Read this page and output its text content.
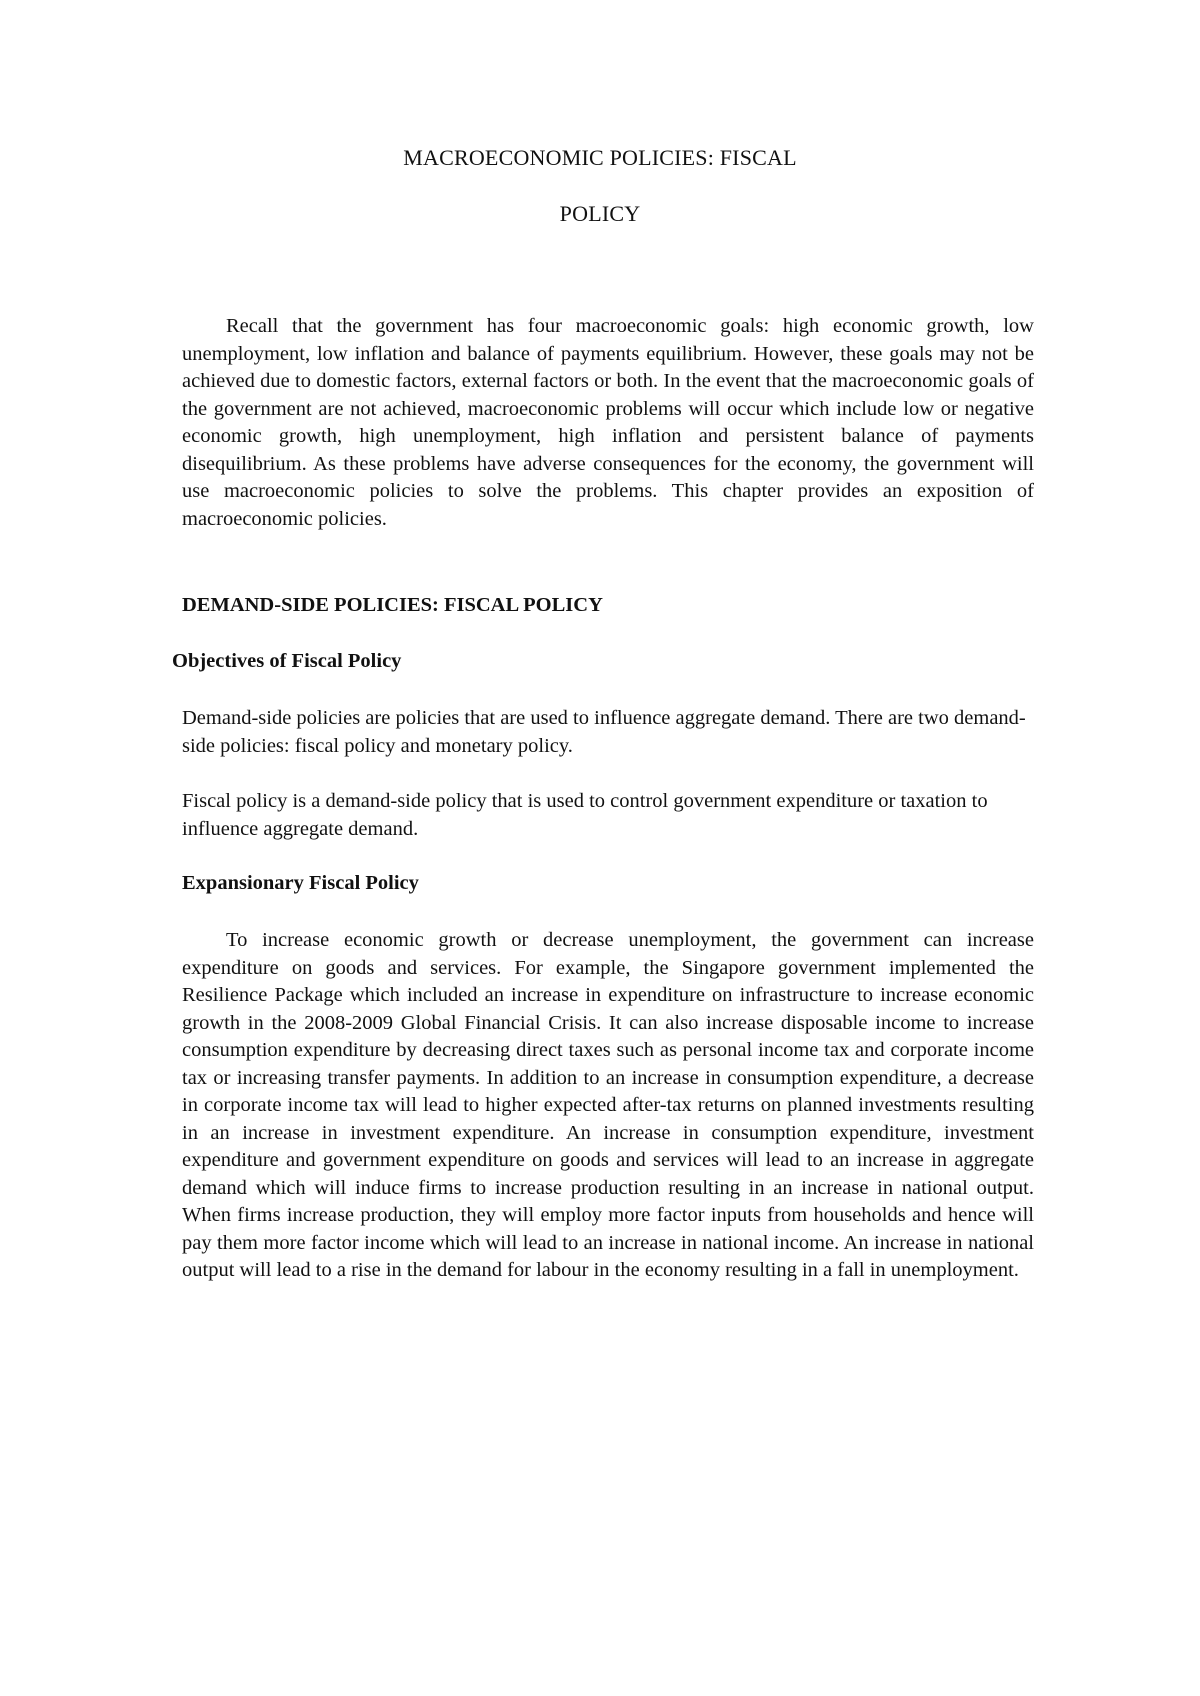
MACROECONOMIC POLICIES: FISCAL
POLICY

Recall that the government has four macroeconomic goals: high economic growth, low unemployment, low inflation and balance of payments equilibrium. However, these goals may not be achieved due to domestic factors, external factors or both. In the event that the macroeconomic goals of the government are not achieved, macroeconomic problems will occur which include low or negative economic growth, high unemployment, high inflation and persistent balance of payments disequilibrium. As these problems have adverse consequences for the economy, the government will use macroeconomic policies to solve the problems. This chapter provides an exposition of macroeconomic policies.

DEMAND-SIDE POLICIES: FISCAL POLICY
Objectives of Fiscal Policy

Demand-side policies are policies that are used to influence aggregate demand. There are two demand-side policies: fiscal policy and monetary policy.

Fiscal policy is a demand-side policy that is used to control government expenditure or taxation to influence aggregate demand.

Expansionary Fiscal Policy

To increase economic growth or decrease unemployment, the government can increase expenditure on goods and services. For example, the Singapore government implemented the Resilience Package which included an increase in expenditure on infrastructure to increase economic growth in the 2008-2009 Global Financial Crisis. It can also increase disposable income to increase consumption expenditure by decreasing direct taxes such as personal income tax and corporate income tax or increasing transfer payments. In addition to an increase in consumption expenditure, a decrease in corporate income tax will lead to higher expected after-tax returns on planned investments resulting in an increase in investment expenditure. An increase in consumption expenditure, investment expenditure and government expenditure on goods and services will lead to an increase in aggregate demand which will induce firms to increase production resulting in an increase in national output. When firms increase production, they will employ more factor inputs from households and hence will pay them more factor income which will lead to an increase in national income. An increase in national output will lead to a rise in the demand for labour in the economy resulting in a fall in unemployment.
